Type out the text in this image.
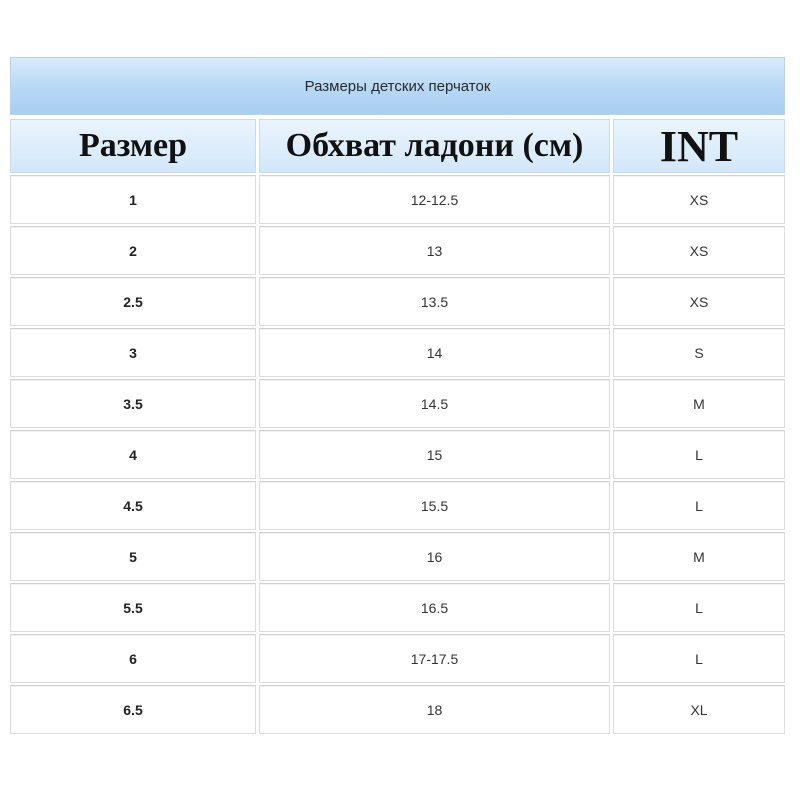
Размеры детских перчаток
Размер	Обхват ладони (см)	INT
1	12-12.5	XS
2	13	XS
2.5	13.5	XS
3	14	S
3.5	14.5	M
4	15	L
4.5	15.5	L
5	16	M
5.5	16.5	L
6	17-17.5	L
6.5	18	XL
